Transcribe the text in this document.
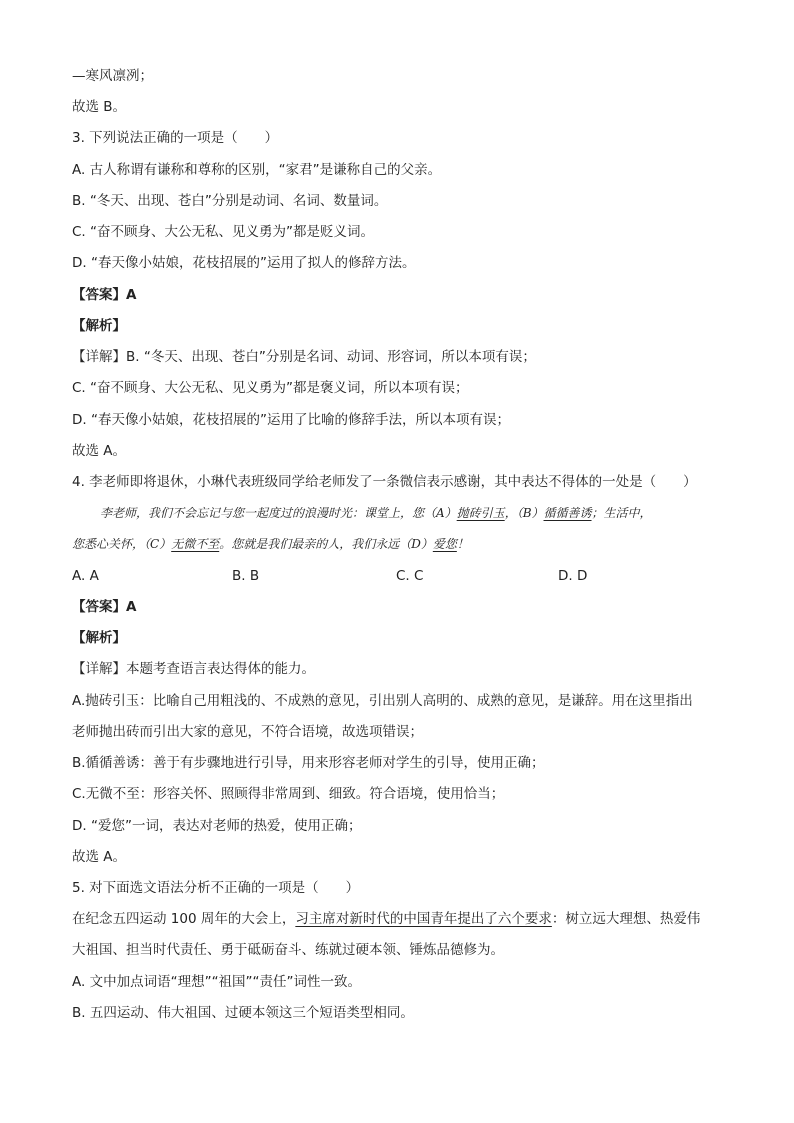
—寒风凛冽；
故选 B。
3. 下列说法正确的一项是（　　）
A. 古人称谓有谦称和尊称的区别，“家君”是谦称自己的父亲。
B. “冬天、出现、苍白”分别是动词、名词、数量词。
C. “奋不顾身、大公无私、见义勇为”都是贬义词。
D. “春天像小姑娘，花枝招展的”运用了拟人的修辞方法。
【答案】A
【解析】
【详解】B. “冬天、出现、苍白”分别是名词、动词、形容词，所以本项有误；
C. “奋不顾身、大公无私、见义勇为”都是褒义词，所以本项有误；
D. “春天像小姑娘，花枝招展的”运用了比喻的修辞手法，所以本项有误；
故选 A。
4. 李老师即将退休，小琳代表班级同学给老师发了一条微信表示感谢，其中表达不得体的一处是（　　）
李老师，我们不会忘记与您一起度过的浪漫时光：课堂上，您（A）抛砖引玉，（B）循循善诱；生活中，
您悉心关怀，（C）无微不至。您就是我们最亲的人，我们永远（D）爱您！
A. A	B. B	C. C	D. D
【答案】A
【解析】
【详解】本题考查语言表达得体的能力。
A.抛砖引玉：比喻自己用粗浅的、不成熟的意见，引出别人高明的、成熟的意见，是谦辞。用在这里指出
老师抛出砖而引出大家的意见，不符合语境，故选项错误；
B.循循善诱：善于有步骤地进行引导，用来形容老师对学生的引导，使用正确；
C.无微不至：形容关怀、照顾得非常周到、细致。符合语境，使用恰当；
D. “爱您”一词，表达对老师的热爱，使用正确；
故选 A。
5. 对下面选文语法分析不正确的一项是（　　）
在纪念五四运动 100 周年的大会上，习主席对新时代的中国青年提出了六个要求：树立远大理想、热爱伟
大祖国、担当时代责任、勇于砥砺奋斗、练就过硬本领、锤炼品德修为。
A. 文中加点词语“理想”“祖国”“责任”词性一致。
B. 五四运动、伟大祖国、过硬本领这三个短语类型相同。
